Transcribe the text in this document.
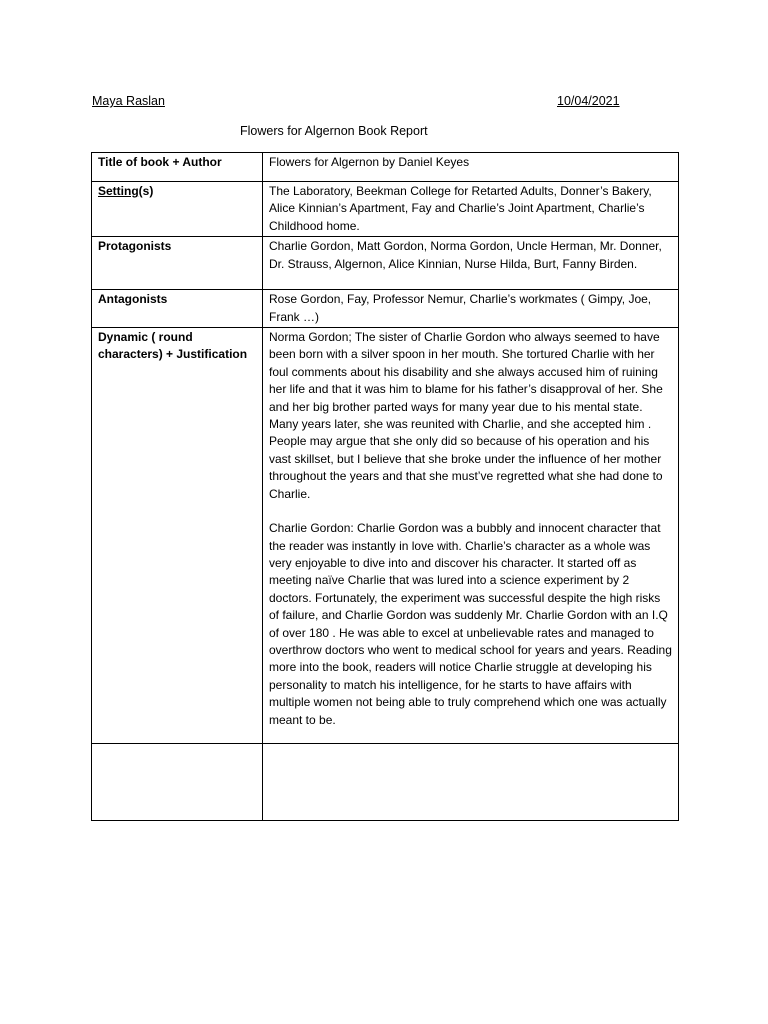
Maya Raslan	10/04/2021
Flowers for Algernon Book Report
Title of book + Author	Flowers for Algernon by Daniel Keyes
Setting(s)	The Laboratory, Beekman College for Retarted Adults, Donner’s Bakery, Alice Kinnian’s Apartment, Fay and Charlie’s Joint Apartment, Charlie’s Childhood home.
Protagonists	Charlie Gordon, Matt Gordon, Norma Gordon, Uncle Herman, Mr. Donner, Dr. Strauss, Algernon, Alice Kinnian, Nurse Hilda, Burt, Fanny Birden.
Antagonists	Rose Gordon, Fay, Professor Nemur, Charlie’s workmates ( Gimpy, Joe, Frank …)
Dynamic ( round characters) + Justification	Norma Gordon; The sister of Charlie Gordon who always seemed to have been born with a silver spoon in her mouth. She tortured Charlie with her foul comments about his disability and she always accused him of ruining her life and that it was him to blame for his father’s disapproval of her. She and her big brother parted ways for many year due to his mental state. Many years later, she was reunited with Charlie, and she accepted him . People may argue that she only did so because of his operation and his vast skillset, but I believe that she broke under the influence of her mother throughout the years and that she must’ve regretted what she had done to Charlie.

Charlie Gordon: Charlie Gordon was a bubbly and innocent character that the reader was instantly in love with. Charlie’s character as a whole was very enjoyable to dive into and discover his character. It started off as meeting naïve Charlie that was lured into a science experiment by 2 doctors. Fortunately, the experiment was successful despite the high risks of failure, and Charlie Gordon was suddenly Mr. Charlie Gordon with an I.Q of over 180 . He was able to excel at unbelievable rates and managed to overthrow doctors who went to medical school for years and years. Reading more into the book, readers will notice Charlie struggle at developing his personality to match his intelligence, for he starts to have affairs with multiple women not being able to truly comprehend which one was actually meant to be.
